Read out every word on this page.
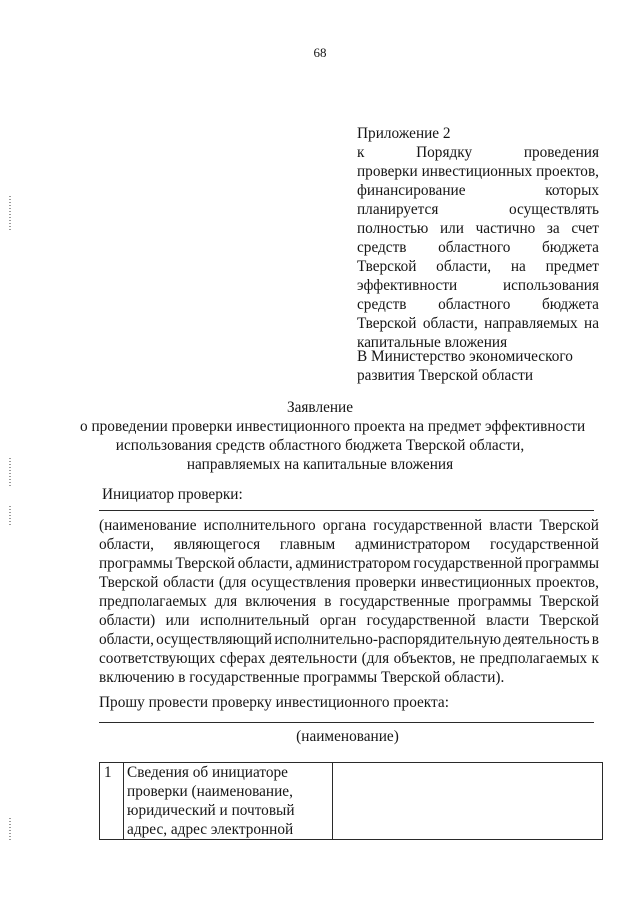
68
Приложение 2
к	Порядку	проведения
проверки инвестиционных проектов,
финансирование	которых
планируется	осуществлять
полностью или частично за счет
средств областного бюджета
Тверской области, на предмет
эффективности	использования
средств областного бюджета
Тверской области, направляемых на
капитальные вложения
В Министерство экономического
развития Тверской области
Заявление
о проведении проверки инвестиционного проекта на предмет эффективности
использования средств областного бюджета Тверской области,
направляемых на капитальные вложения
Инициатор проверки:
(наименование исполнительного органа государственной власти Тверской
области, являющегося главным администратором государственной
программы Тверской области, администратором государственной программы
Тверской области (для осуществления проверки инвестиционных проектов,
предполагаемых для включения в государственные программы Тверской
области) или исполнительный орган государственной власти Тверской
области, осуществляющий исполнительно-распорядительную деятельность в
соответствующих сферах деятельности (для объектов, не предполагаемых к
включению в государственные программы Тверской области).
Прошу провести проверку инвестиционного проекта:
(наименование)
1	Сведения об инициаторе
проверки (наименование,
юридический и почтовый
адрес, адрес электронной
